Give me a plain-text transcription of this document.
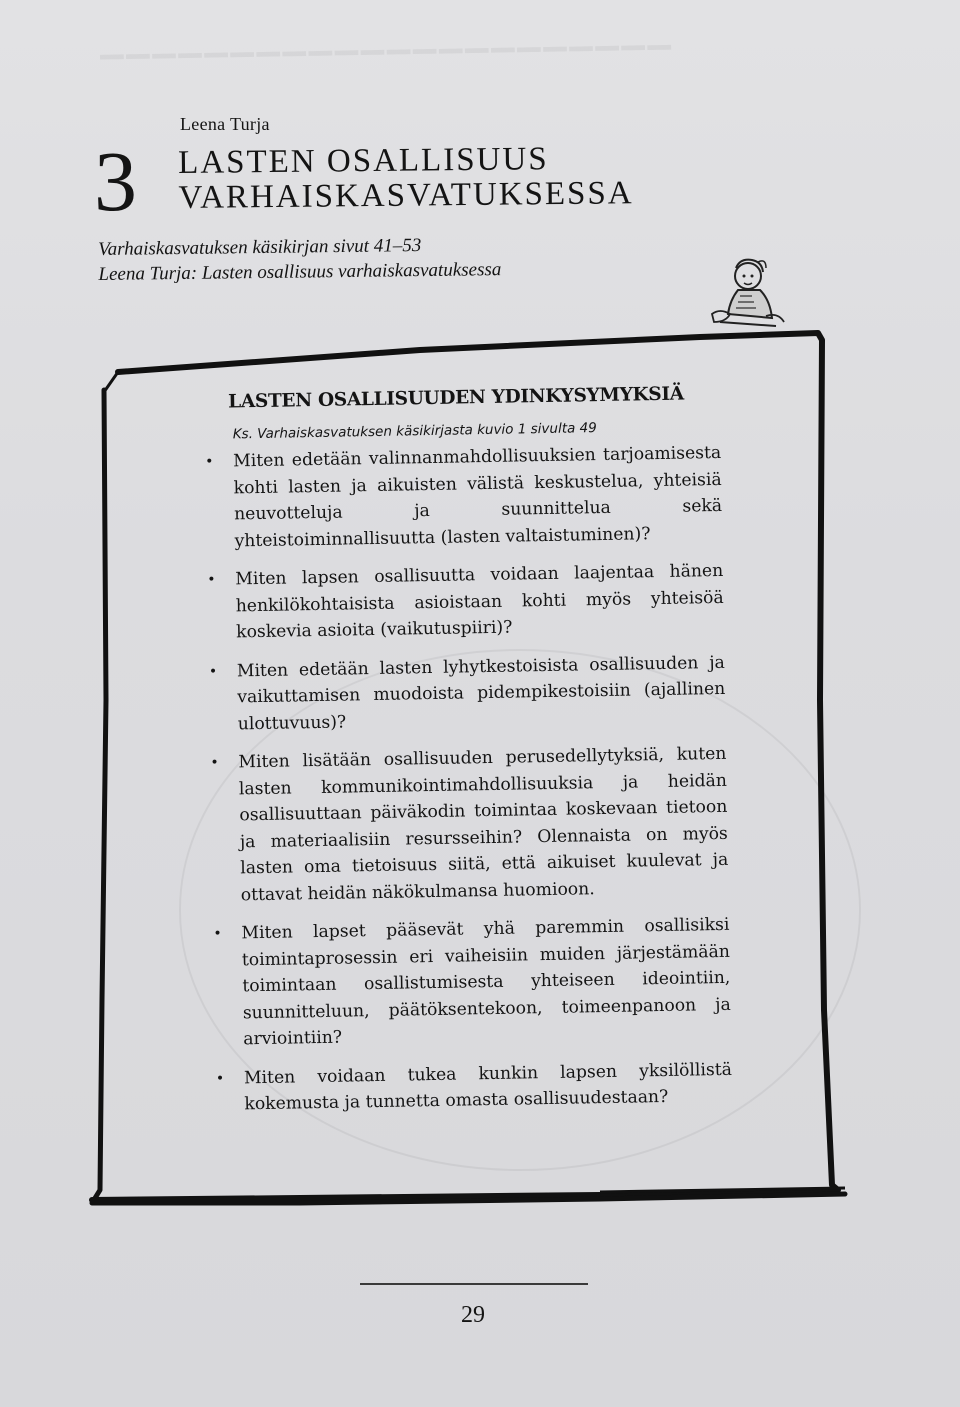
▁▁▁▁▁▁▁▁▁▁▁▁▁▁▁▁▁▁▁▁▁▁
Leena Turja
3 LASTEN OSALLISUUS
VARHAISKASVATUKSESSA
Varhaiskasvatuksen käsikirjan sivut 41–53
Leena Turja: Lasten osallisuus varhaiskasvatuksessa
LASTEN OSALLISUUDEN YDINKYSYMYKSIÄ
Ks. Varhaiskasvatuksen käsikirjasta kuvio 1 sivulta 49
• Miten edetään valinnanmahdollisuuksien tarjoamisesta kohti lasten ja aikuisten välistä keskustelua, yhteisiä neuvotteluja ja suunnittelua sekä yhteistoiminnallisuutta (lasten valtaistuminen)?
• Miten lapsen osallisuutta voidaan laajentaa hänen henkilökohtaisista asioistaan kohti myös yhteisöä koskevia asioita (vaikutuspiiri)?
• Miten edetään lasten lyhytkestoisista osallisuuden ja vaikuttamisen muodoista pidempikestoisiin (ajallinen ulottuvuus)?
• Miten lisätään osallisuuden perusedellytyksiä, kuten lasten kommunikointimahdollisuuksia ja heidän osallisuuttaan päiväkodin toimintaa koskevaan tietoon ja materiaalisiin resursseihin? Olennaista on myös lasten oma tietoisuus siitä, että aikuiset kuulevat ja ottavat heidän näkökulmansa huomioon.
• Miten lapset pääsevät yhä paremmin osallisiksi toimintaprosessin eri vaiheisiin muiden järjestämään toimintaan osallistumisesta yhteiseen ideointiin, suunnitteluun, päätöksentekoon, toimeenpanoon ja arviointiin?
• Miten voidaan tukea kunkin lapsen yksilöllistä kokemusta ja tunnetta omasta osallisuudestaan?
29
